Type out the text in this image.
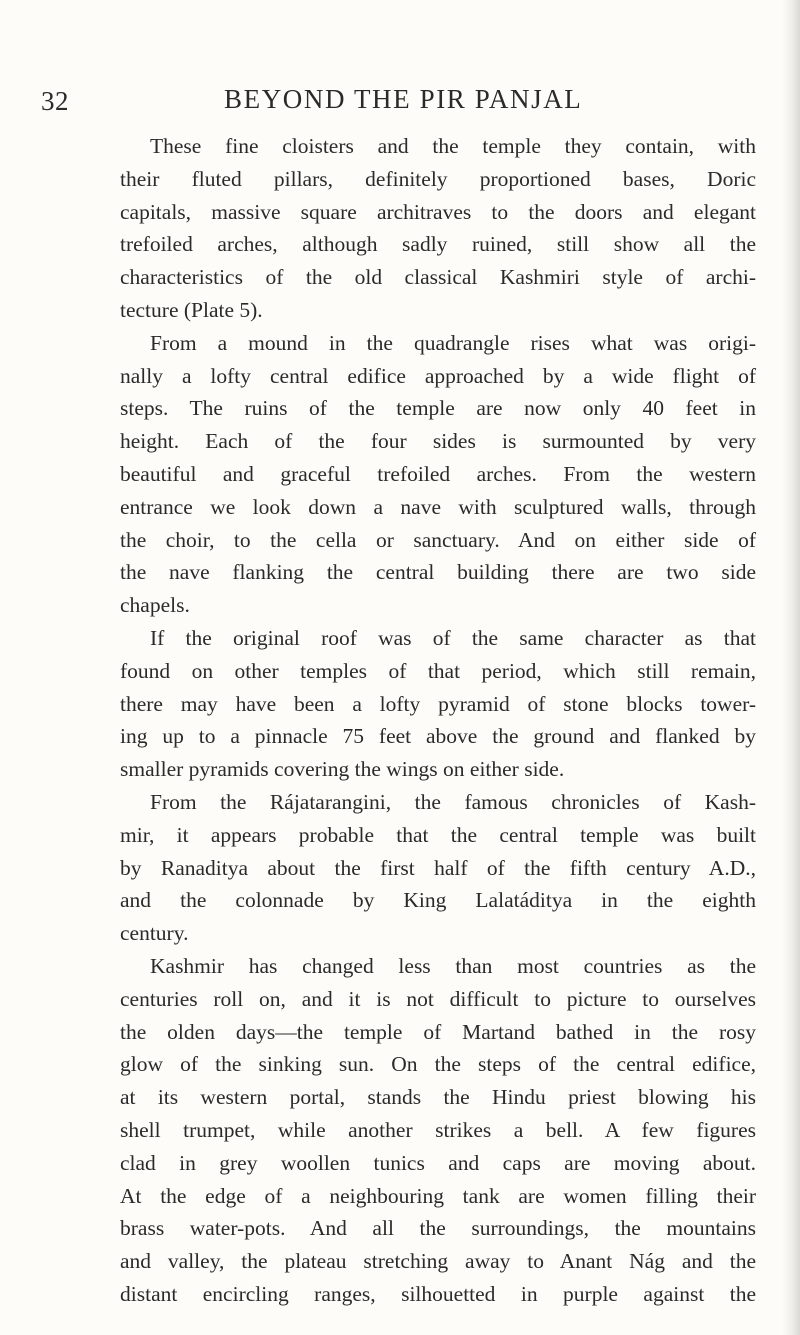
32	BEYOND THE PIR PANJAL
These fine cloisters and the temple they contain, with
their fluted pillars, definitely proportioned bases, Doric
capitals, massive square architraves to the doors and elegant
trefoiled arches, although sadly ruined, still show all the
characteristics of the old classical Kashmiri style of archi-
tecture (Plate 5).
From a mound in the quadrangle rises what was origi-
nally a lofty central edifice approached by a wide flight of
steps. The ruins of the temple are now only 40 feet in
height. Each of the four sides is surmounted by very
beautiful and graceful trefoiled arches. From the western
entrance we look down a nave with sculptured walls, through
the choir, to the cella or sanctuary. And on either side of
the nave flanking the central building there are two side
chapels.
If the original roof was of the same character as that
found on other temples of that period, which still remain,
there may have been a lofty pyramid of stone blocks tower-
ing up to a pinnacle 75 feet above the ground and flanked by
smaller pyramids covering the wings on either side.
From the Rájatarangini, the famous chronicles of Kash-
mir, it appears probable that the central temple was built
by Ranaditya about the first half of the fifth century A.D.,
and the colonnade by King Lalatáditya in the eighth
century.
Kashmir has changed less than most countries as the
centuries roll on, and it is not difficult to picture to ourselves
the olden days—the temple of Martand bathed in the rosy
glow of the sinking sun. On the steps of the central edifice,
at its western portal, stands the Hindu priest blowing his
shell trumpet, while another strikes a bell. A few figures
clad in grey woollen tunics and caps are moving about.
At the edge of a neighbouring tank are women filling their
brass water-pots. And all the surroundings, the mountains
and valley, the plateau stretching away to Anant Nág and the
distant encircling ranges, silhouetted in purple against the
